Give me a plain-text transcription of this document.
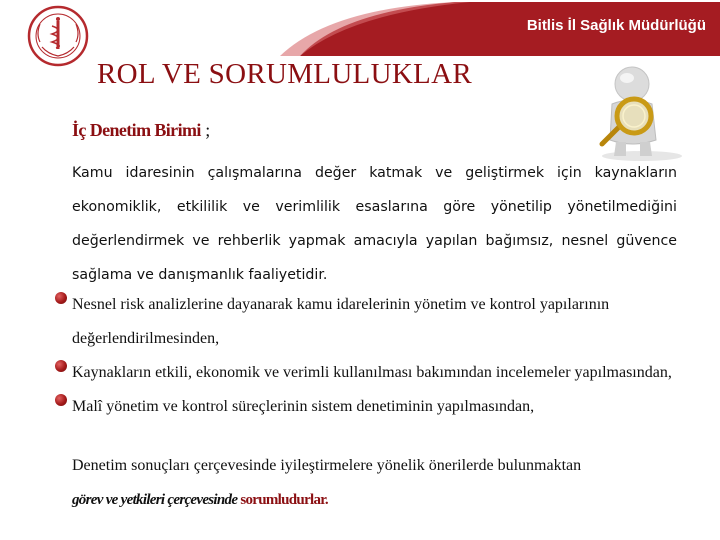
Bitlis İl Sağlık Müdürlüğü
ROL VE SORUMLULUKLAR
İç Denetim Birimi ;

Kamu idaresinin çalışmalarına değer katmak ve geliştirmek için kaynakların ekonomiklik, etkililik ve verimlilik esaslarına göre yönetilip yönetilmediğini değerlendirmek ve rehberlik yapmak amacıyla yapılan bağımsız, nesnel güvence sağlama ve danışmanlık faaliyetidir.

Nesnel risk analizlerine dayanarak kamu idarelerinin yönetim ve kontrol yapılarının değerlendirilmesinden,
Kaynakların etkili, ekonomik ve verimli kullanılması bakımından incelemeler yapılmasından,
Malî yönetim ve kontrol süreçlerinin sistem denetiminin yapılmasından,

Denetim sonuçları çerçevesinde iyileştirmelere yönelik önerilerde bulunmaktan
görev ve yetkileri çerçevesinde sorumludurlar.
